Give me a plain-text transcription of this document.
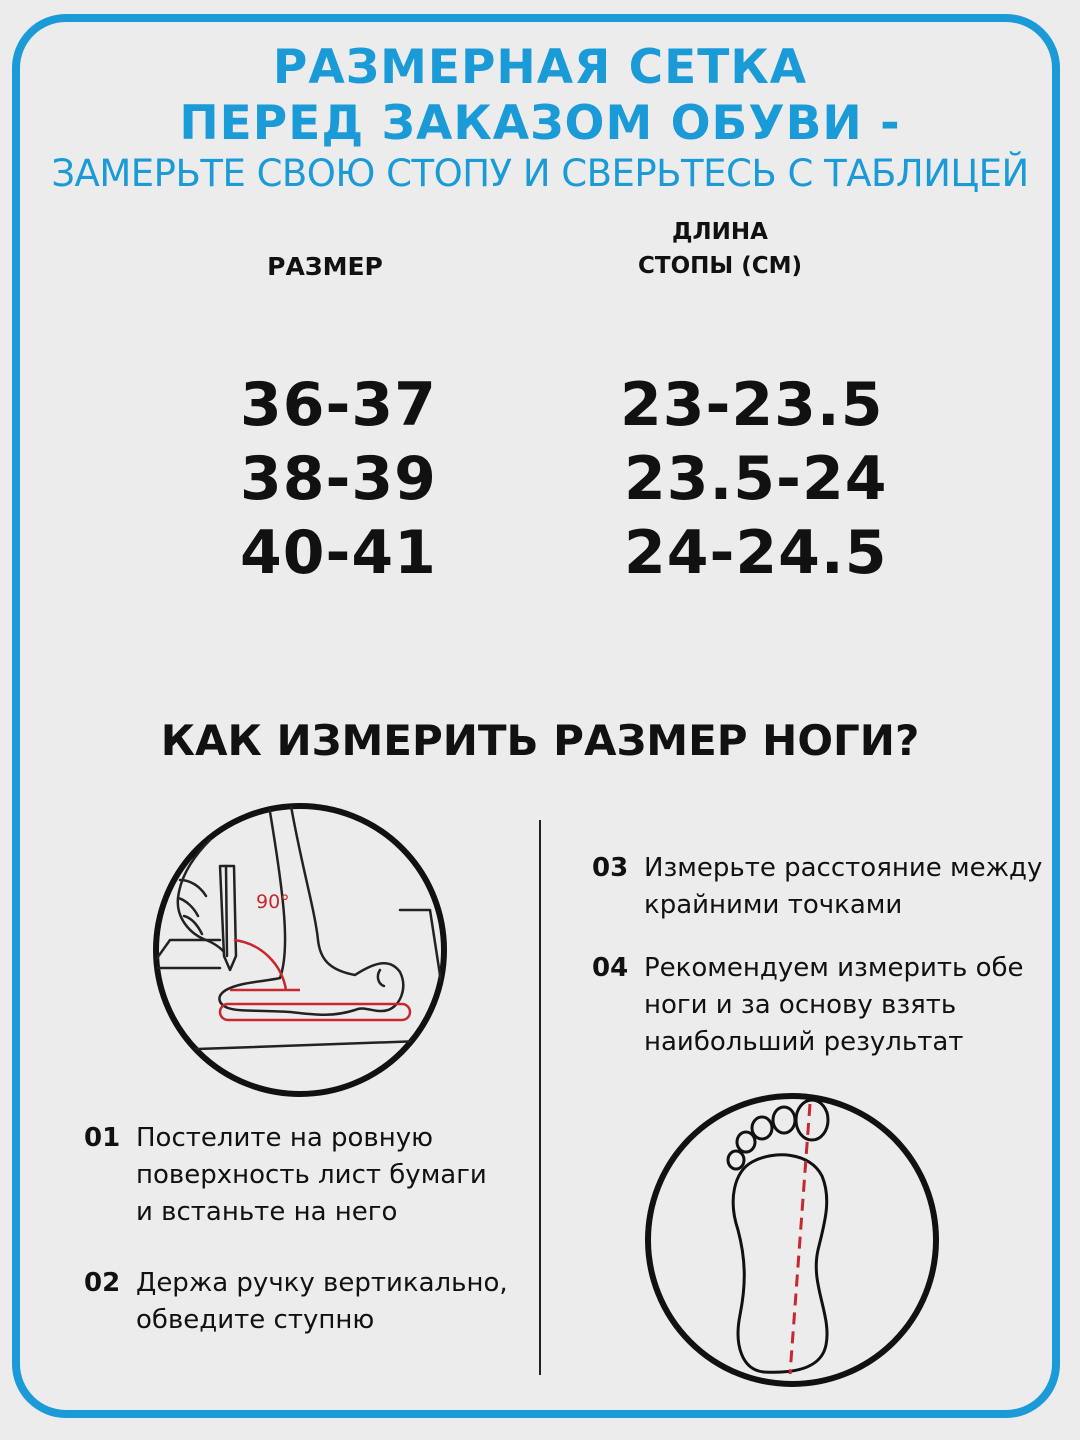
РАЗМЕРНАЯ СЕТКА
ПЕРЕД ЗАКАЗОМ ОБУВИ -
ЗАМЕРЬТЕ СВОЮ СТОПУ И СВЕРЬТЕСЬ С ТАБЛИЦЕЙ
РАЗМЕР
ДЛИНА
СТОПЫ (СМ)
36-37
38-39
40-41
23-23.5
23.5-24
24-24.5
КАК ИЗМЕРИТЬ РАЗМЕР НОГИ?
90°
01 Постелите на ровную
поверхность лист бумаги
и встаньте на него
02 Держа ручку вертикально,
обведите ступню
03 Измерьте расстояние между
крайними точками
04 Рекомендуем измерить обе
ноги и за основу взять
наибольший результат
